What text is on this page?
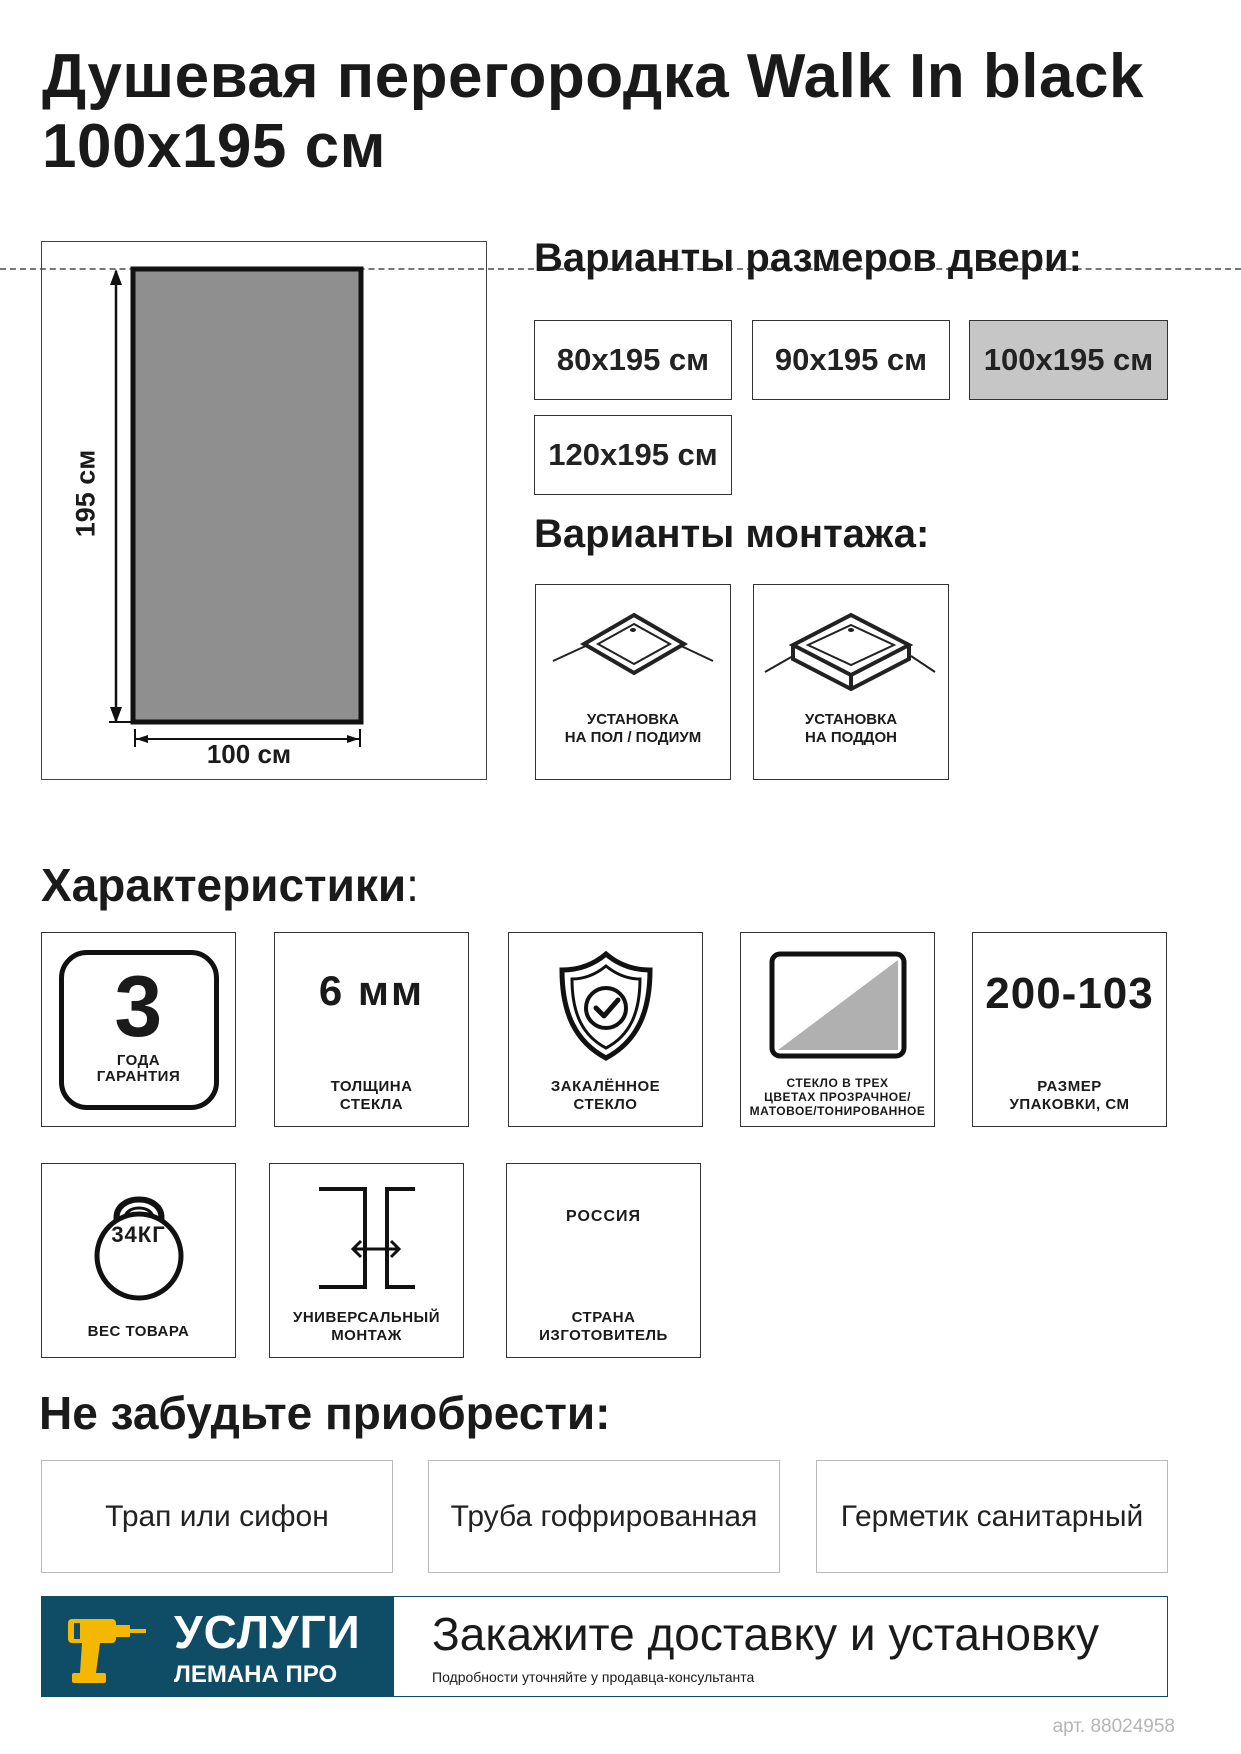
Душевая перегородка Walk In black
100x195 см
195 см
100 см
Варианты размеров двери:
80x195 см	90x195 см	100x195 см
120x195 см
Варианты монтажа:
УСТАНОВКА
НА ПОЛ / ПОДИУМ
УСТАНОВКА
НА ПОДДОН
Характеристики:
3
ГОДА
ГАРАНТИЯ
6 мм
ТОЛЩИНА
СТЕКЛА
ЗАКАЛЁННОЕ
СТЕКЛО
СТЕКЛО В ТРЕХ
ЦВЕТАХ ПРОЗРАЧНОЕ/
МАТОВОЕ/ТОНИРОВАННОЕ
200-103
РАЗМЕР
УПАКОВКИ, СМ
34КГ
ВЕС ТОВАРА
УНИВЕРСАЛЬНЫЙ
МОНТАЖ
РОССИЯ
СТРАНА
ИЗГОТОВИТЕЛЬ
Не забудьте приобрести:
Трап или сифон	Труба гофрированная	Герметик санитарный
УСЛУГИ
ЛЕМАНА ПРО
Закажите доставку и установку
Подробности уточняйте у продавца-консультанта
арт. 88024958
